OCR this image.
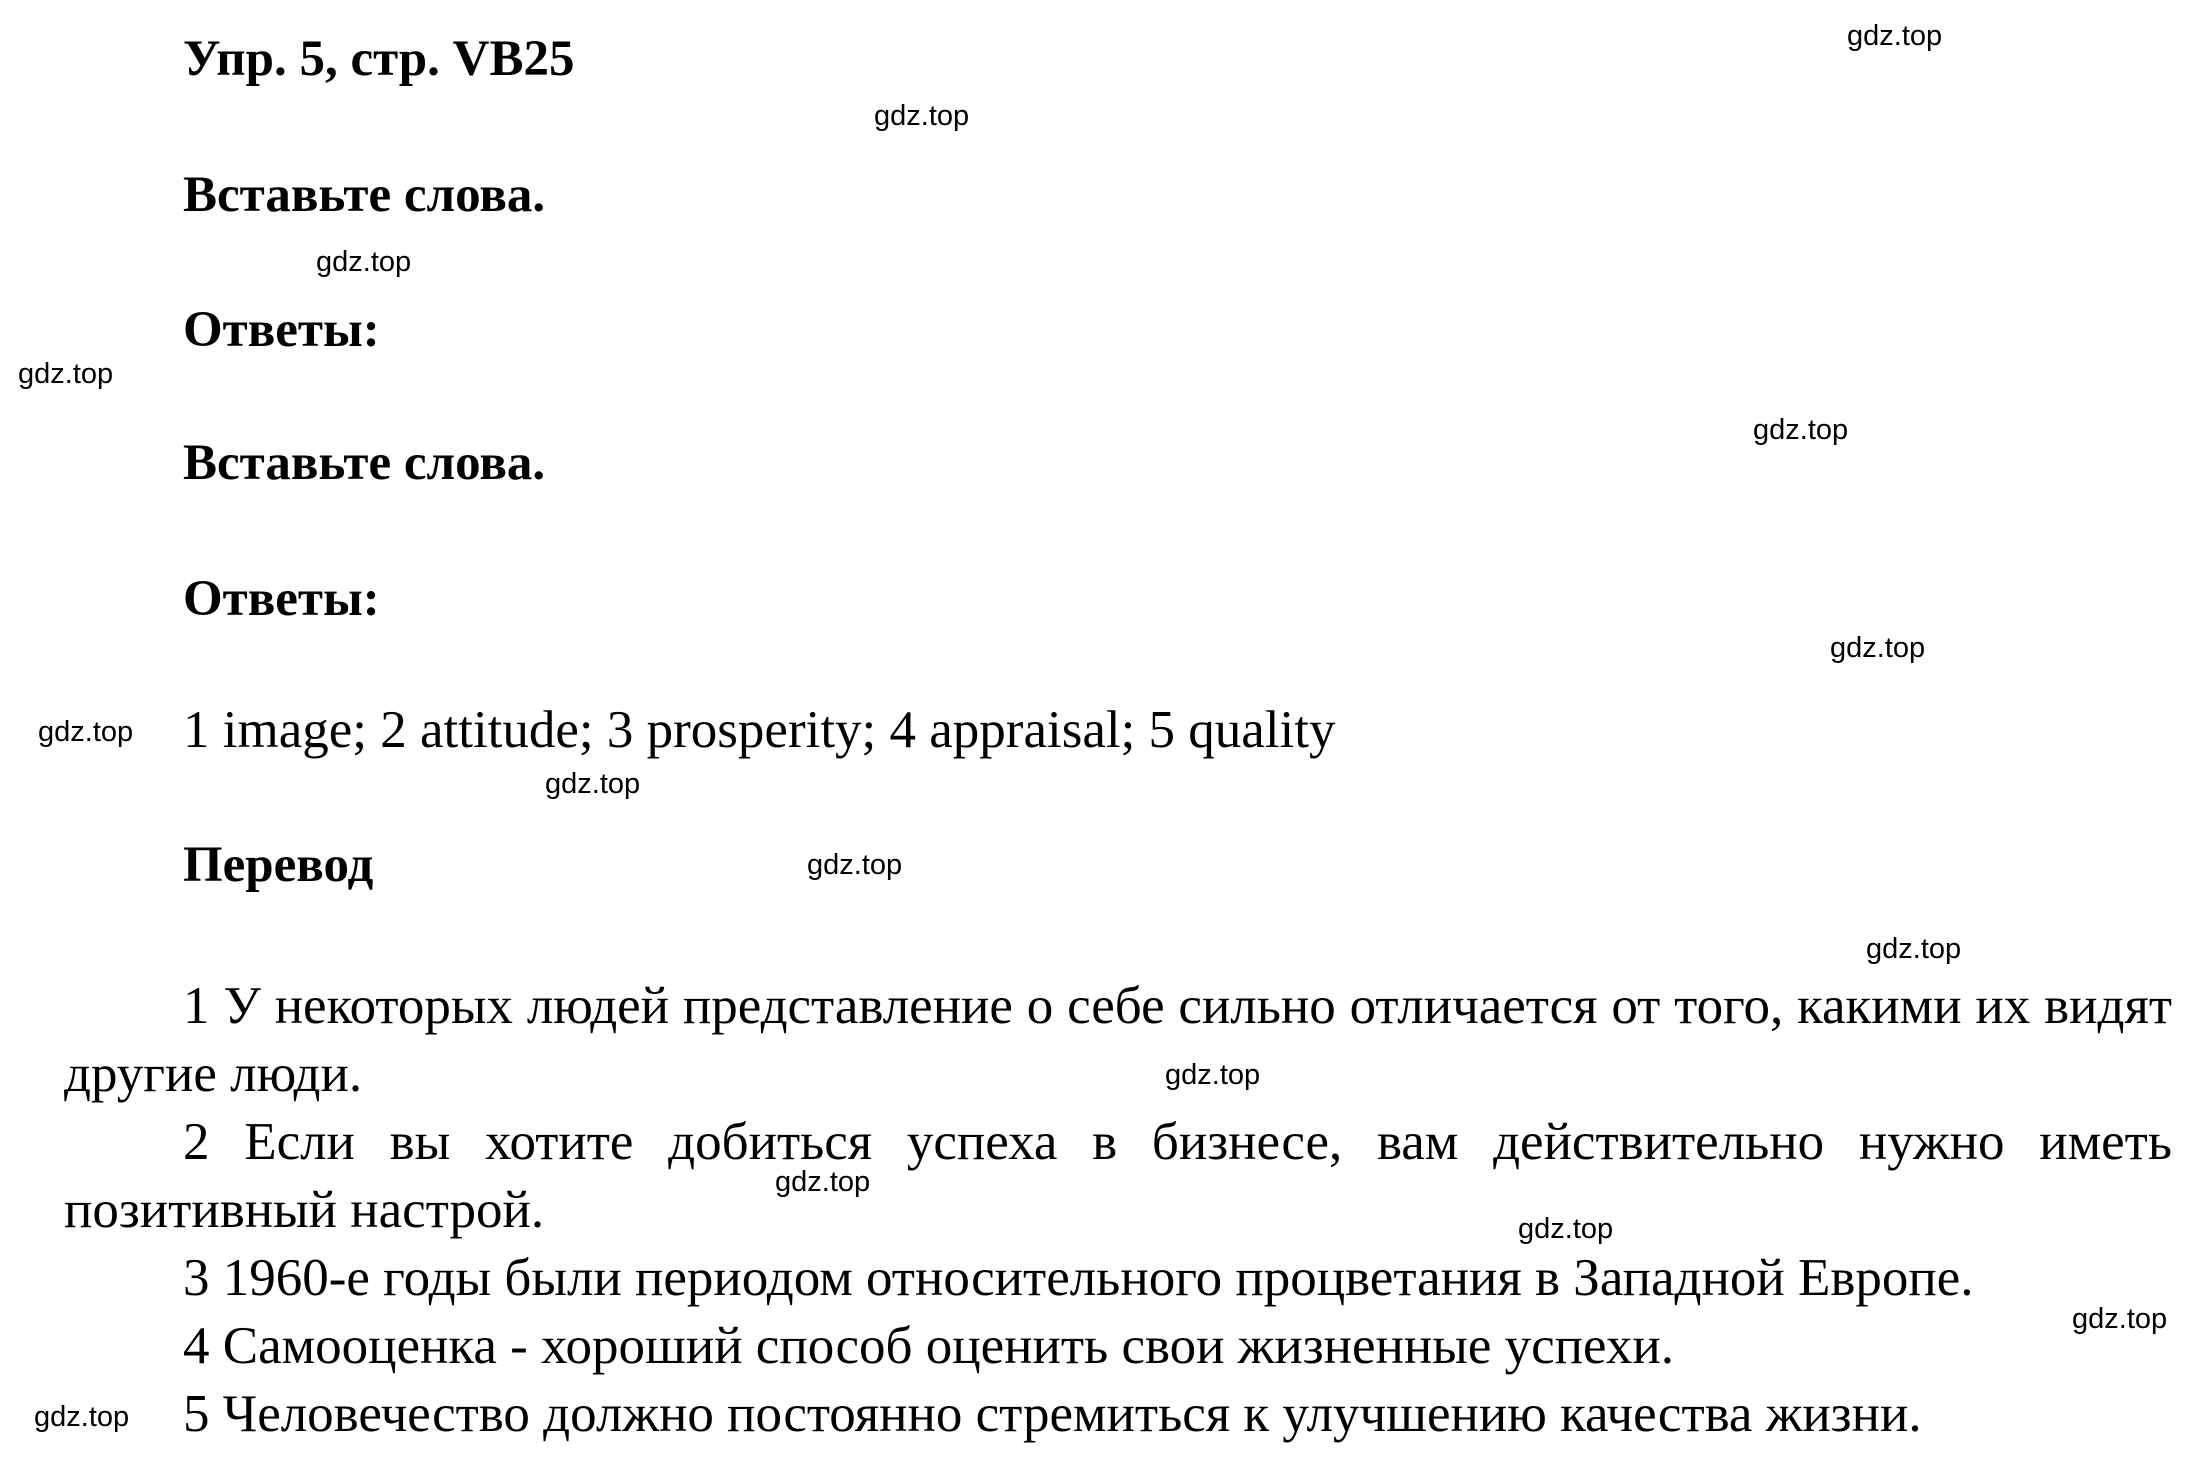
Упр. 5, стр. VB25
Вставьте слова.
Ответы:
Вставьте слова.
Ответы:

1 image; 2 attitude; 3 prosperity; 4 appraisal; 5 quality

Перевод
1 У некоторых людей представление о себе сильно отличается от того, какими их видят другие люди.
2 Если вы хотите добиться успеха в бизнесе, вам действительно нужно иметь позитивный настрой.
3 1960-е годы были периодом относительного процветания в Западной Европе.
4 Самооценка - хороший способ оценить свои жизненные успехи.
5 Человечество должно постоянно стремиться к улучшению качества жизни.
gdz.top
gdz.top
gdz.top
gdz.top
gdz.top
gdz.top
gdz.top
gdz.top
gdz.top
gdz.top
gdz.top
gdz.top
gdz.top
gdz.top
gdz.top
